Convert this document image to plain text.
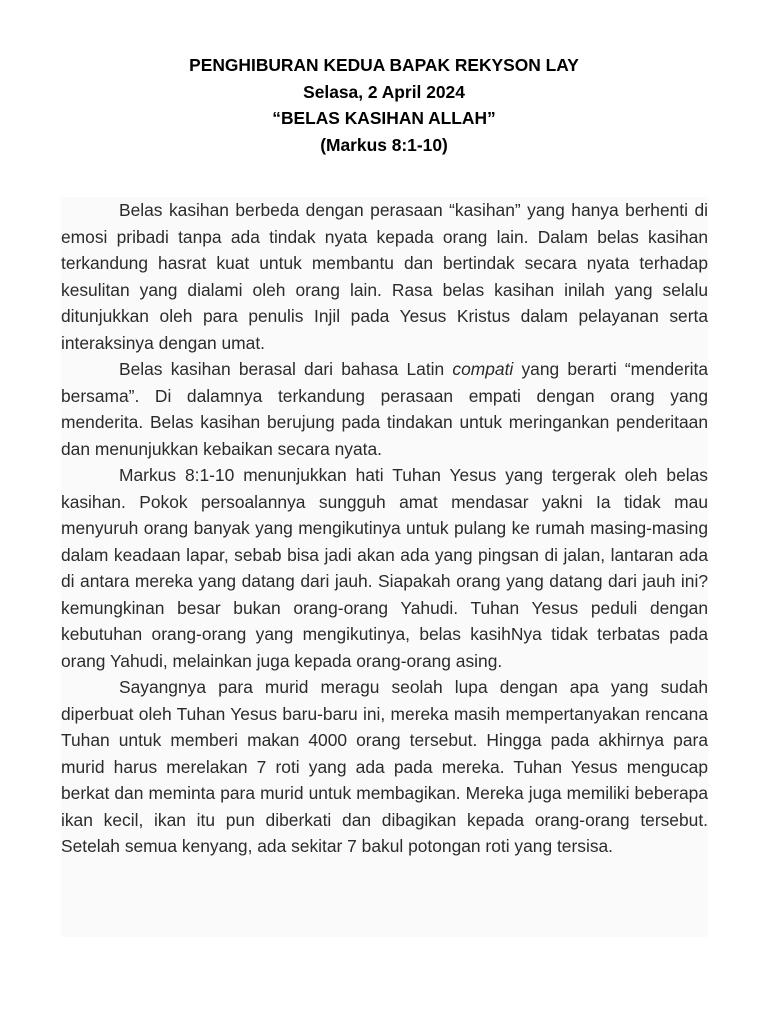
PENGHIBURAN KEDUA BAPAK REKYSON LAY
Selasa, 2 April 2024
“BELAS KASIHAN ALLAH”
(Markus 8:1-10)

Belas kasihan berbeda dengan perasaan “kasihan” yang hanya berhenti di emosi pribadi tanpa ada tindak nyata kepada orang lain. Dalam belas kasihan terkandung hasrat kuat untuk membantu dan bertindak secara nyata terhadap kesulitan yang dialami oleh orang lain. Rasa belas kasihan inilah yang selalu ditunjukkan oleh para penulis Injil pada Yesus Kristus dalam pelayanan serta interaksinya dengan umat.

Belas kasihan berasal dari bahasa Latin compati yang berarti “menderita bersama”. Di dalamnya terkandung perasaan empati dengan orang yang menderita. Belas kasihan berujung pada tindakan untuk meringankan penderitaan dan menunjukkan kebaikan secara nyata.

Markus 8:1-10 menunjukkan hati Tuhan Yesus yang tergerak oleh belas kasihan. Pokok persoalannya sungguh amat mendasar yakni Ia tidak mau menyuruh orang banyak yang mengikutinya untuk pulang ke rumah masing-masing dalam keadaan lapar, sebab bisa jadi akan ada yang pingsan di jalan, lantaran ada di antara mereka yang datang dari jauh. Siapakah orang yang datang dari jauh ini? kemungkinan besar bukan orang-orang Yahudi. Tuhan Yesus peduli dengan kebutuhan orang-orang yang mengikutinya, belas kasihNya tidak terbatas pada orang Yahudi, melainkan juga kepada orang-orang asing.

Sayangnya para murid meragu seolah lupa dengan apa yang sudah diperbuat oleh Tuhan Yesus baru-baru ini, mereka masih mempertanyakan rencana Tuhan untuk memberi makan 4000 orang tersebut. Hingga pada akhirnya para murid harus merelakan 7 roti yang ada pada mereka. Tuhan Yesus mengucap berkat dan meminta para murid untuk membagikan. Mereka juga memiliki beberapa ikan kecil, ikan itu pun diberkati dan dibagikan kepada orang-orang tersebut. Setelah semua kenyang, ada sekitar 7 bakul potongan roti yang tersisa.
